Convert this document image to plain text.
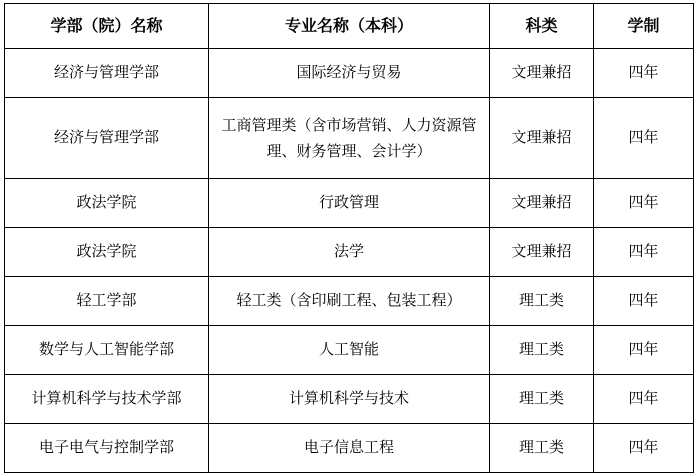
学部（院）名称	专业名称（本科）	科类	学制
经济与管理学部	国际经济与贸易	文理兼招	四年
经济与管理学部	工商管理类（含市场营销、人力资源管理、财务管理、会计学）	文理兼招	四年
政法学院	行政管理	文理兼招	四年
政法学院	法学	文理兼招	四年
轻工学部	轻工类（含印刷工程、包装工程）	理工类	四年
数学与人工智能学部	人工智能	理工类	四年
计算机科学与技术学部	计算机科学与技术	理工类	四年
电子电气与控制学部	电子信息工程	理工类	四年
